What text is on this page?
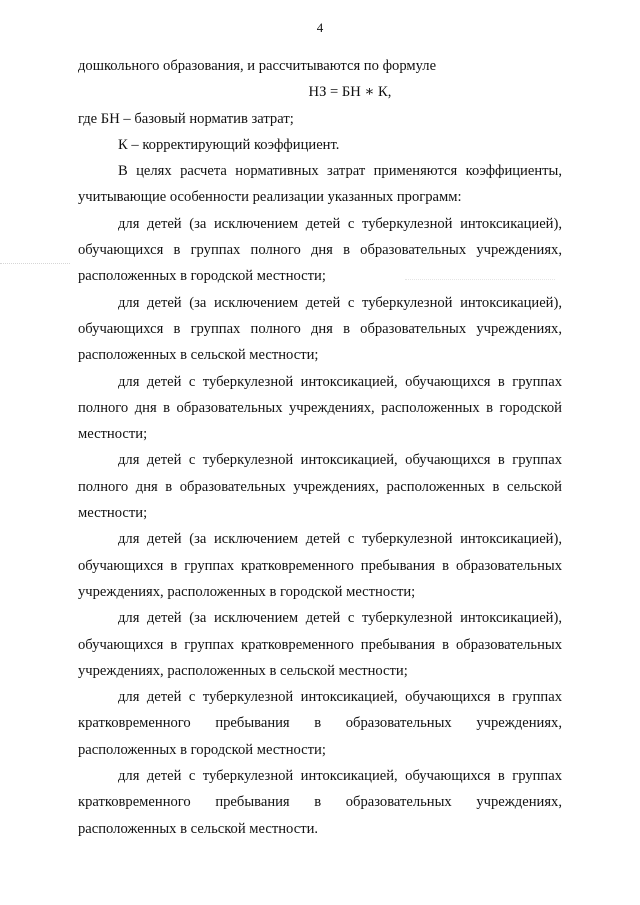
4

дошкольного образования, и рассчитываются по формуле

НЗ = БН ∗ К,

где БН – базовый норматив затрат;

К – корректирующий коэффициент.

В целях расчета нормативных затрат применяются коэффициенты, учитывающие особенности реализации указанных программ:

для детей (за исключением детей с туберкулезной интоксикацией), обучающихся в группах полного дня в образовательных учреждениях, расположенных в городской местности;

для детей (за исключением детей с туберкулезной интоксикацией), обучающихся в группах полного дня в образовательных учреждениях, расположенных в сельской местности;

для детей с туберкулезной интоксикацией, обучающихся в группах полного дня в образовательных учреждениях, расположенных в городской местности;

для детей с туберкулезной интоксикацией, обучающихся в группах полного дня в образовательных учреждениях, расположенных в сельской местности;

для детей (за исключением детей с туберкулезной интоксикацией), обучающихся в группах кратковременного пребывания в образовательных учреждениях, расположенных в городской местности;

для детей (за исключением детей с туберкулезной интоксикацией), обучающихся в группах кратковременного пребывания в образовательных учреждениях, расположенных в сельской местности;

для детей с туберкулезной интоксикацией, обучающихся в группах кратковременного пребывания в образовательных учреждениях, расположенных в городской местности;

для детей с туберкулезной интоксикацией, обучающихся в группах кратковременного пребывания в образовательных учреждениях, расположенных в сельской местности.
